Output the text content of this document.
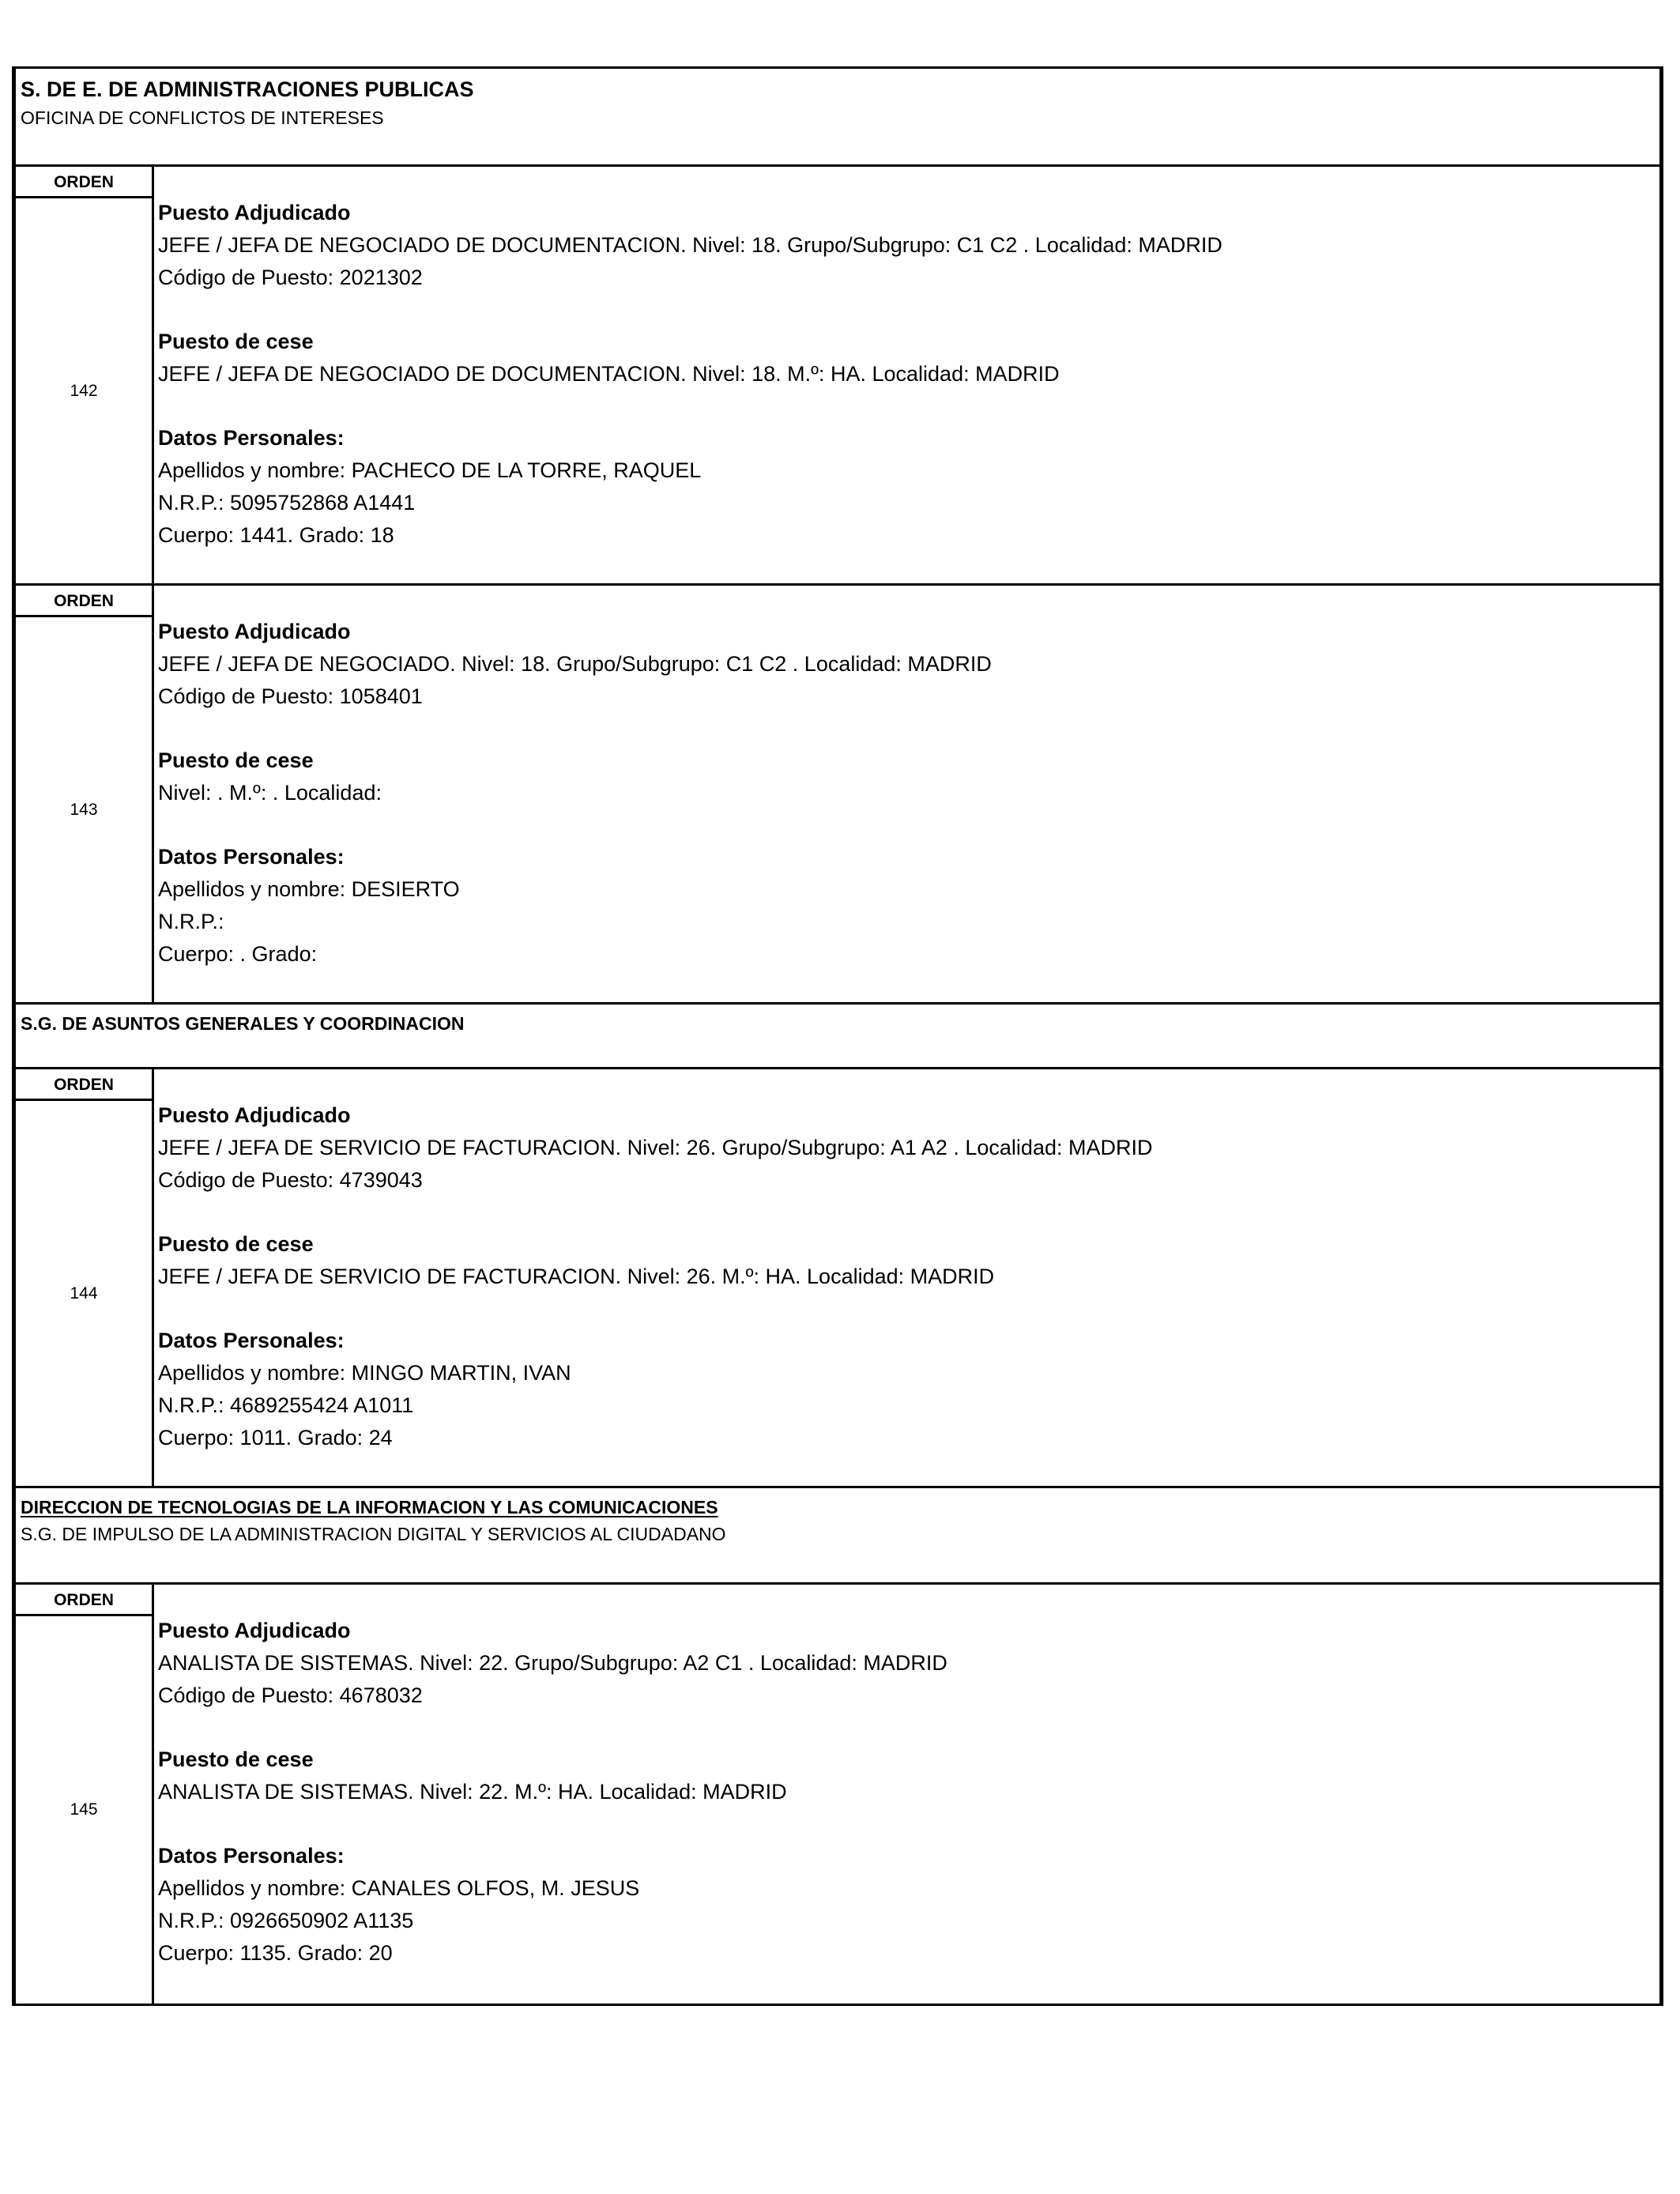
S. DE E. DE ADMINISTRACIONES PUBLICAS
OFICINA DE CONFLICTOS DE INTERESES
ORDEN
142
Puesto Adjudicado
JEFE / JEFA DE NEGOCIADO DE DOCUMENTACION. Nivel: 18. Grupo/Subgrupo: C1 C2 . Localidad: MADRID
Código de Puesto: 2021302
Puesto de cese
JEFE / JEFA DE NEGOCIADO DE DOCUMENTACION. Nivel: 18. M.º: HA. Localidad: MADRID
Datos Personales:
Apellidos y nombre: PACHECO DE LA TORRE, RAQUEL
N.R.P.: 5095752868 A1441
Cuerpo: 1441. Grado: 18
ORDEN
143
Puesto Adjudicado
JEFE / JEFA DE NEGOCIADO. Nivel: 18. Grupo/Subgrupo: C1 C2 . Localidad: MADRID
Código de Puesto: 1058401
Puesto de cese
Nivel: . M.º: . Localidad:
Datos Personales:
Apellidos y nombre: DESIERTO
N.R.P.:
Cuerpo: . Grado:
S.G. DE ASUNTOS GENERALES Y COORDINACION
ORDEN
144
Puesto Adjudicado
JEFE / JEFA DE SERVICIO DE FACTURACION. Nivel: 26. Grupo/Subgrupo: A1 A2 . Localidad: MADRID
Código de Puesto: 4739043
Puesto de cese
JEFE / JEFA DE SERVICIO DE FACTURACION. Nivel: 26. M.º: HA. Localidad: MADRID
Datos Personales:
Apellidos y nombre: MINGO MARTIN, IVAN
N.R.P.: 4689255424 A1011
Cuerpo: 1011. Grado: 24
DIRECCION DE TECNOLOGIAS DE LA INFORMACION Y LAS COMUNICACIONES
S.G. DE IMPULSO DE LA ADMINISTRACION DIGITAL Y SERVICIOS AL CIUDADANO
ORDEN
145
Puesto Adjudicado
ANALISTA DE SISTEMAS. Nivel: 22. Grupo/Subgrupo: A2 C1 . Localidad: MADRID
Código de Puesto: 4678032
Puesto de cese
ANALISTA DE SISTEMAS. Nivel: 22. M.º: HA. Localidad: MADRID
Datos Personales:
Apellidos y nombre: CANALES OLFOS, M. JESUS
N.R.P.: 0926650902 A1135
Cuerpo: 1135. Grado: 20
